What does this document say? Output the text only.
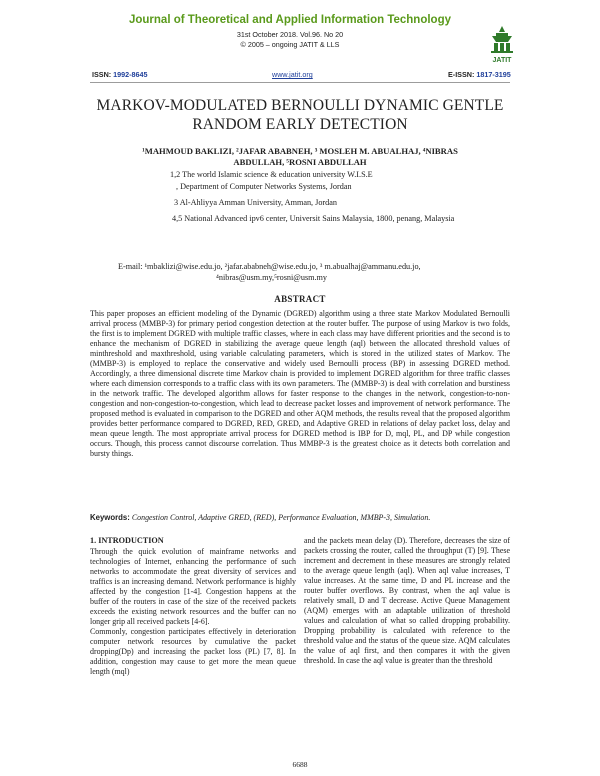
Journal of Theoretical and Applied Information Technology
31st October 2018. Vol.96. No 20
© 2005 – ongoing JATIT & LLS
JATIT
ISSN: 1992-8645	www.jatit.org	E-ISSN: 1817-3195
MARKOV-MODULATED BERNOULLI DYNAMIC GENTLE
RANDOM EARLY DETECTION
¹MAHMOUD BAKLIZI, ²JAFAR ABABNEH, ³ MOSLEH M. ABUALHAJ, ⁴NIBRAS
ABDULLAH, ⁵ROSNI ABDULLAH
1,2 The world Islamic science & education university W.I.S.E
, Department of Computer Networks Systems, Jordan
3 Al-Ahliyya Amman University, Amman, Jordan
4,5 National Advanced ipv6 center, Universit Sains Malaysia, 1800, penang, Malaysia
E-mail: ¹mbaklizi@wise.edu.jo, ²jafar.ababneh@wise.edu.jo, ³ m.abualhaj@ammanu.edu.jo,
⁴nibras@usm.my,⁵rosni@usm.my
ABSTRACT
This paper proposes an efficient modeling of the Dynamic (DGRED) algorithm using a three state Markov Modulated Bernoulli arrival process (MMBP-3) for primary period congestion detection at the router buffer. The purpose of using Markov is two folds, the first is to implement DGRED with multiple traffic classes, where in each class may have different priorities and the second is to enhance the mechanism of DGRED in stabilizing the average queue length (aql) between the allocated threshold values of minthreshold and maxthreshold, using variable calculating parameters, which is stored in the utilized states of Markov. The (MMBP-3) is employed to replace the conservative and widely used Bernoulli process (BP) in assessing DGRED method. Accordingly, a three dimensional discrete time Markov chain is provided to implement DGRED algorithm for three traffic classes where each dimension corresponds to a traffic class with its own parameters. The (MMBP-3) is deal with correlation and burstiness in the network traffic. The developed algorithm allows for faster response to the changes in the network, congestion-to-non-congestion and non-congestion-to-congestion, which lead to decrease packet losses and improvement of network performance. The proposed method is evaluated in comparison to the DGRED and other AQM methods, the results reveal that the proposed algorithm provides better performance compared to DGRED, RED, GRED, and Adaptive GRED in relations of delay packet loss, delay and mean queue length. The most appropriate arrival process for DGRED method is IBP for D, mql, PL, and DP while congestion occurs. Though, this process cannot discourse correlation. Thus MMBP-3 is the greatest choice as it detects both correlation and bursty things.
Keywords: Congestion Control, Adaptive GRED, (RED), Performance Evaluation, MMBP-3, Simulation.
1. INTRODUCTION

Through the quick evolution of mainframe networks and technologies of Internet, enhancing the performance of such networks to accommodate the great diversity of services and traffics is an increasing demand. Network performance is highly affected by the congestion [1-4]. Congestion happens at the buffer of the routers in case of the size of the received packets exceeds the existing network resources and the buffer can no longer grip all received packets [4-6].

Commonly, congestion participates effectively in deterioration computer network resources by cumulative the packet dropping(Dp) and increasing the packet loss (PL) [7, 8]. In addition, congestion may cause to get more the mean queue length (mql)

and the packets mean delay (D). Therefore, decreases the size of packets crossing the router, called the throughput (T) [9]. These increment and decrement in these measures are strongly related to the average queue length (aql). When aql value increases, T value increases. At the same time, D and PL increase and the router buffer overflows. By contrast, when the aql value is relatively small, D and T decrease. Active Queue Management (AQM) emerges with an adaptable utilization of threshold values and calculation of what so called dropping probability. Dropping probability is calculated with reference to the threshold value and the status of the queue size. AQM calculates the value of aql first, and then compares it with the given threshold. In case the aql value is greater than the threshold

6688
